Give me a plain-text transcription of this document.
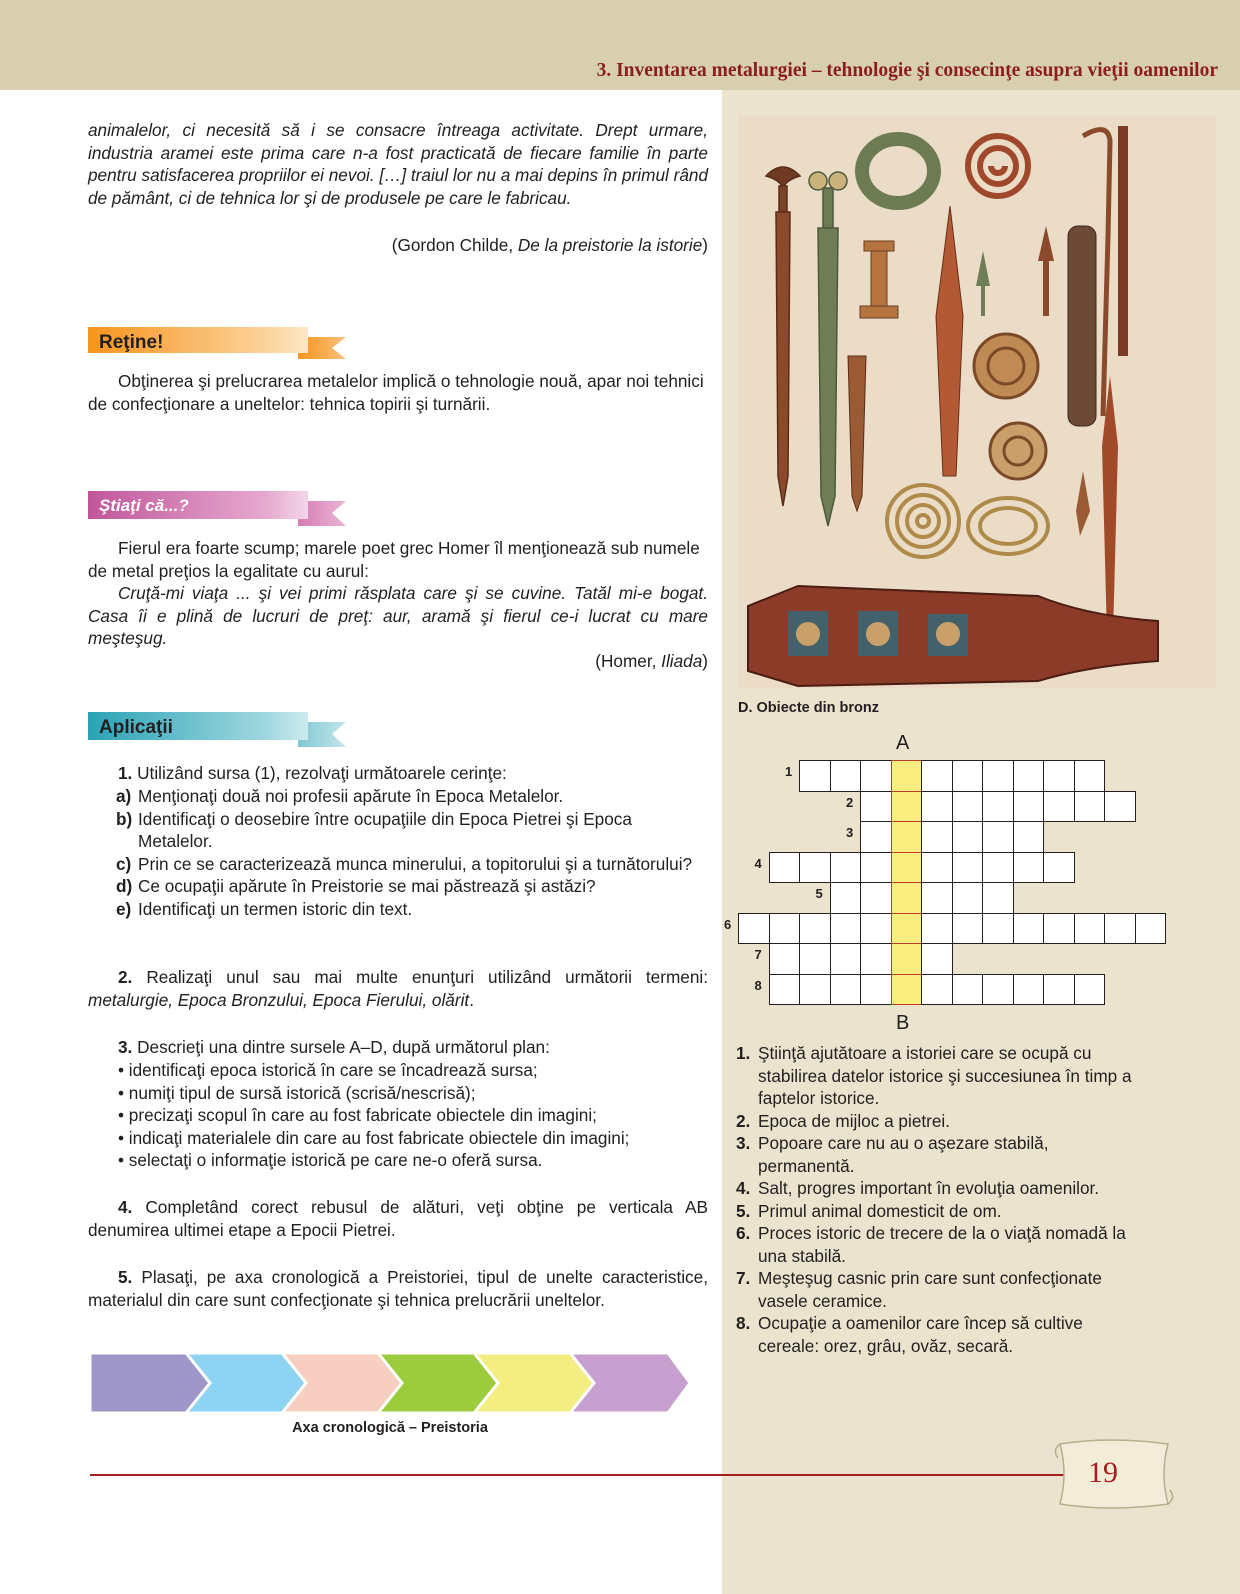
3. Inventarea metalurgiei – tehnologie şi consecinţe asupra vieţii oamenilor
animalelor, ci necesită să i se consacre întreaga activitate. Drept urmare, industria aramei este prima care n-a fost practicată de fiecare familie în parte pentru satisfacerea propriilor ei nevoi. […] traiul lor nu a mai depins în primul rând de pământ, ci de tehnica lor şi de produsele pe care le fabricau.
(Gordon Childe, De la preistorie la istorie)
Reţine!
Obţinerea şi prelucrarea metalelor implică o tehnologie nouă, apar noi tehnici de confecţionare a uneltelor: tehnica topirii şi turnării.
Ştiaţi că...?
Fierul era foarte scump; marele poet grec Homer îl menţionează sub numele de metal preţios la egalitate cu aurul:
Cruţă-mi viaţa ... şi vei primi răsplata care şi se cuvine. Tatăl mi-e bogat. Casa îi e plină de lucruri de preţ: aur, aramă şi fierul ce-i lucrat cu mare meşteşug.
(Homer, Iliada)
Aplicaţii
1. Utilizând sursa (1), rezolvaţi următoarele cerinţe:
a) Menţionaţi două noi profesii apărute în Epoca Metalelor.
b) Identificaţi o deosebire între ocupaţiile din Epoca Pietrei şi Epoca Metalelor.
c) Prin ce se caracterizează munca minerului, a topitorului şi a turnătorului?
d) Ce ocupaţii apărute în Preistorie se mai păstrează şi astăzi?
e) Identificaţi un termen istoric din text.
2. Realizaţi unul sau mai multe enunţuri utilizând următorii termeni: metalurgie, Epoca Bronzului, Epoca Fierului, olărit.
3. Descrieţi una dintre sursele A–D, după următorul plan:
• identificaţi epoca istorică în care se încadrează sursa;
• numiţi tipul de sursă istorică (scrisă/nescrisă);
• precizaţi scopul în care au fost fabricate obiectele din imagini;
• indicaţi materialele din care au fost fabricate obiectele din imagini;
• selectaţi o informaţie istorică pe care ne-o oferă sursa.
4. Completând corect rebusul de alături, veţi obţine pe verticala AB denumirea ultimei etape a Epocii Pietrei.
5. Plasaţi, pe axa cronologică a Preistoriei, tipul de unelte caracteristice, materialul din care sunt confecţionate şi tehnica prelucrării uneltelor.
Axa cronologică – Preistoria
D. Obiecte din bronz
A
1
2
3
4
5
6
7
8
B
1. Ştiinţă ajutătoare a istoriei care se ocupă cu stabilirea datelor istorice şi succesiunea în timp a faptelor istorice.
2. Epoca de mijloc a pietrei.
3. Popoare care nu au o aşezare stabilă, permanentă.
4. Salt, progres important în evoluţia oamenilor.
5. Primul animal domesticit de om.
6. Proces istoric de trecere de la o viaţă nomadă la una stabilă.
7. Meşteşug casnic prin care sunt confecţionate vasele ceramice.
8. Ocupaţie a oamenilor care încep să cultive cereale: orez, grâu, ovăz, secară.
19
